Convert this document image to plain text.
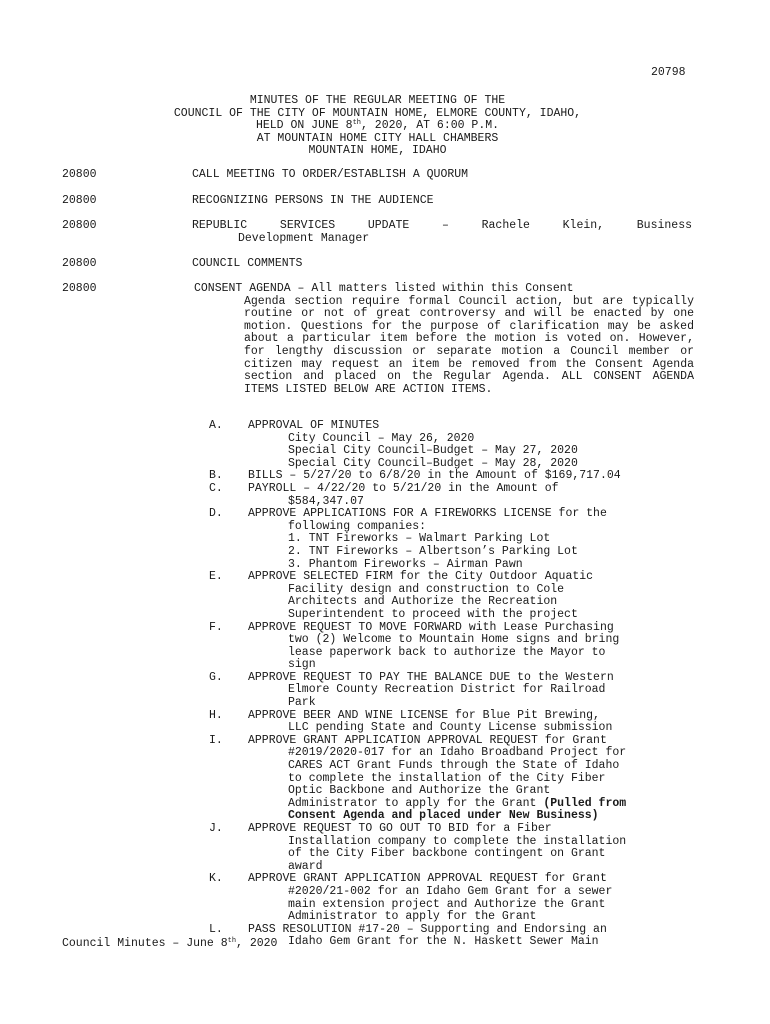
20798
MINUTES OF THE REGULAR MEETING OF THE
COUNCIL OF THE CITY OF MOUNTAIN HOME, ELMORE COUNTY, IDAHO,
HELD ON JUNE 8th, 2020, AT 6:00 P.M.
AT MOUNTAIN HOME CITY HALL CHAMBERS
MOUNTAIN HOME, IDAHO
20800	CALL MEETING TO ORDER/ESTABLISH A QUORUM
20800	RECOGNIZING PERSONS IN THE AUDIENCE
20800	REPUBLIC SERVICES UPDATE – Rachele Klein, Business
Development Manager
20800	COUNCIL COMMENTS
20800	CONSENT AGENDA – All matters listed within this Consent
Agenda section require formal Council action, but are typically routine or not of great controversy and will be enacted by one motion. Questions for the purpose of clarification may be asked about a particular item before the motion is voted on. However, for lengthy discussion or separate motion a Council member or citizen may request an item be removed from the Consent Agenda section and placed on the Regular Agenda. ALL CONSENT AGENDA ITEMS LISTED BELOW ARE ACTION ITEMS.
A. APPROVAL OF MINUTES
City Council – May 26, 2020
Special City Council–Budget – May 27, 2020
Special City Council–Budget – May 28, 2020
B. BILLS – 5/27/20 to 6/8/20 in the Amount of $169,717.04
C. PAYROLL – 4/22/20 to 5/21/20 in the Amount of
$584,347.07
D. APPROVE APPLICATIONS FOR A FIREWORKS LICENSE for the
following companies:
1. TNT Fireworks – Walmart Parking Lot
2. TNT Fireworks – Albertson’s Parking Lot
3. Phantom Fireworks – Airman Pawn
E. APPROVE SELECTED FIRM for the City Outdoor Aquatic
Facility design and construction to Cole
Architects and Authorize the Recreation
Superintendent to proceed with the project
F. APPROVE REQUEST TO MOVE FORWARD with Lease Purchasing
two (2) Welcome to Mountain Home signs and bring
lease paperwork back to authorize the Mayor to
sign
G. APPROVE REQUEST TO PAY THE BALANCE DUE to the Western
Elmore County Recreation District for Railroad
Park
H. APPROVE BEER AND WINE LICENSE for Blue Pit Brewing,
LLC pending State and County License submission
I. APPROVE GRANT APPLICATION APPROVAL REQUEST for Grant
#2019/2020-017 for an Idaho Broadband Project for
CARES ACT Grant Funds through the State of Idaho
to complete the installation of the City Fiber
Optic Backbone and Authorize the Grant
Administrator to apply for the Grant (Pulled from
Consent Agenda and placed under New Business)
J. APPROVE REQUEST TO GO OUT TO BID for a Fiber
Installation company to complete the installation
of the City Fiber backbone contingent on Grant
award
K. APPROVE GRANT APPLICATION APPROVAL REQUEST for Grant
#2020/21-002 for an Idaho Gem Grant for a sewer
main extension project and Authorize the Grant
Administrator to apply for the Grant
L. PASS RESOLUTION #17-20 – Supporting and Endorsing an
Idaho Gem Grant for the N. Haskett Sewer Main
Council Minutes – June 8th, 2020
